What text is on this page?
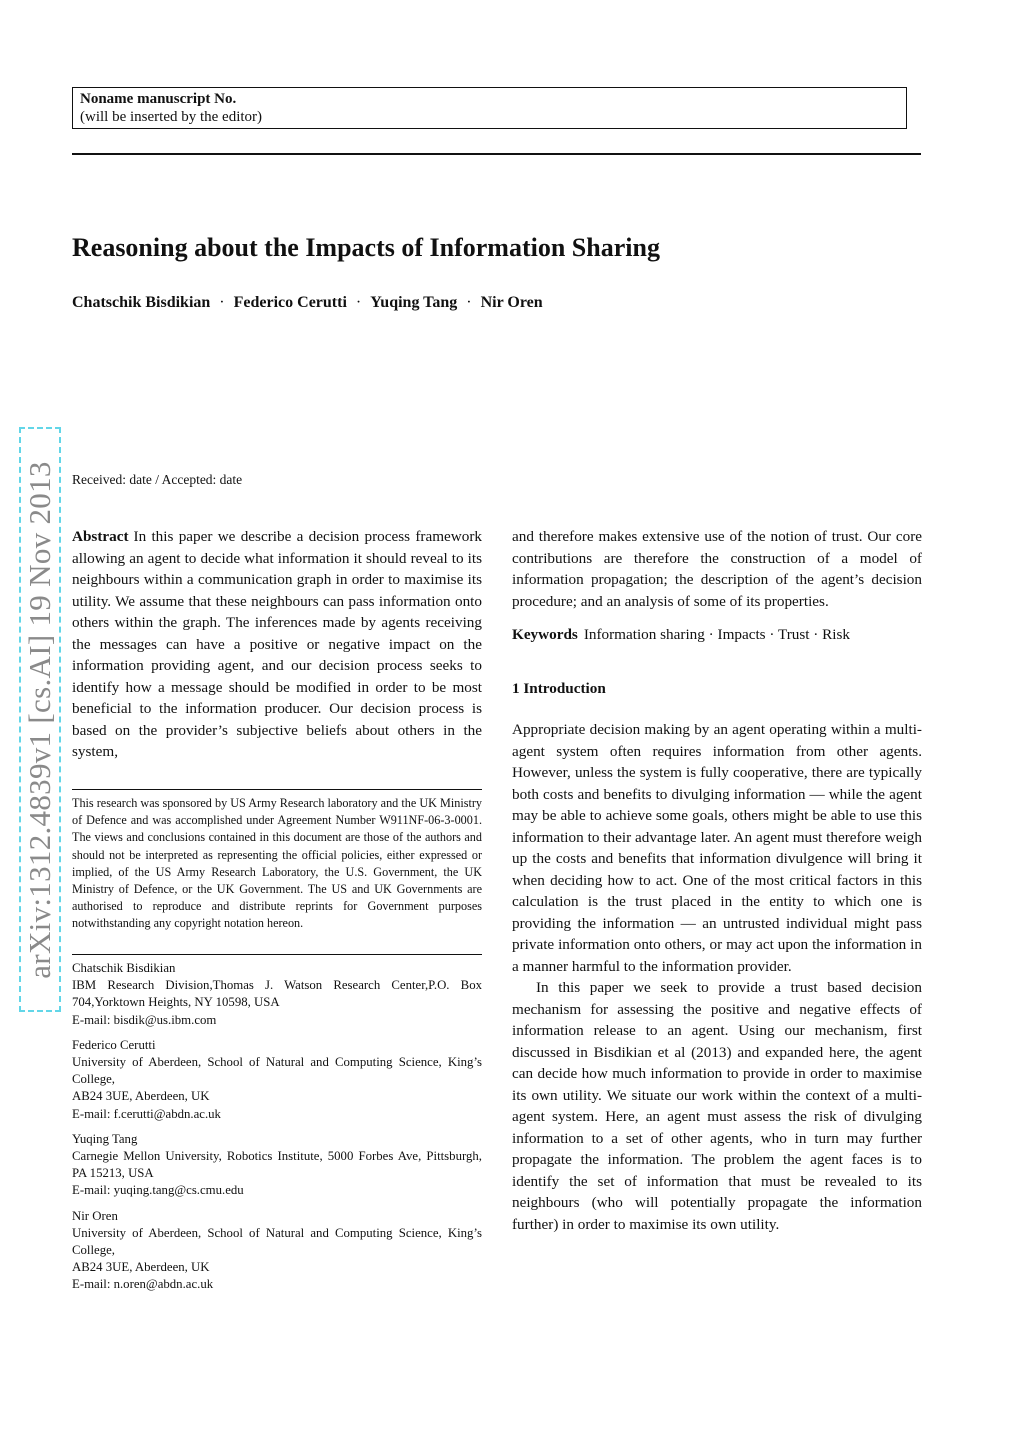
Noname manuscript No.
(will be inserted by the editor)
Reasoning about the Impacts of Information Sharing
Chatschik Bisdikian · Federico Cerutti · Yuqing Tang · Nir Oren
arXiv:1312.4839v1 [cs.AI] 19 Nov 2013 Received: date / Accepted: date

Abstract In this paper we describe a decision process framework allowing an agent to decide what information it should reveal to its neighbours within a communication graph in order to maximise its utility. We assume that these neighbours can pass information onto others within the graph. The inferences made by agents receiving the messages can have a positive or negative impact on the information providing agent, and our decision process seeks to identify how a message should be modified in order to be most beneficial to the information producer. Our decision process is based on the provider’s subjective beliefs about others in the system,

This research was sponsored by US Army Research laboratory and the UK Ministry of Defence and was accomplished under Agreement Number W911NF-06-3-0001. The views and conclusions contained in this document are those of the authors and should not be interpreted as representing the official policies, either expressed or implied, of the US Army Research Laboratory, the U.S. Government, the UK Ministry of Defence, or the UK Government. The US and UK Governments are authorised to reproduce and distribute reprints for Government purposes notwithstanding any copyright notation hereon.

Chatschik Bisdikian
IBM Research Division,Thomas J. Watson Research Center,P.O. Box 704,Yorktown Heights, NY 10598, USA
E-mail: bisdik@us.ibm.com
Federico Cerutti
University of Aberdeen, School of Natural and Computing Science, King’s College,
AB24 3UE, Aberdeen, UK
E-mail: f.cerutti@abdn.ac.uk
Yuqing Tang
Carnegie Mellon University, Robotics Institute, 5000 Forbes Ave, Pittsburgh, PA 15213, USA
E-mail: yuqing.tang@cs.cmu.edu
Nir Oren
University of Aberdeen, School of Natural and Computing Science, King’s College,
AB24 3UE, Aberdeen, UK
E-mail: n.oren@abdn.ac.uk

and therefore makes extensive use of the notion of trust. Our core contributions are therefore the construction of a model of information propagation; the description of the agent’s decision procedure; and an analysis of some of its properties.

Keywords Information sharing · Impacts · Trust · Risk
1 Introduction

Appropriate decision making by an agent operating within a multi-agent system often requires information from other agents. However, unless the system is fully cooperative, there are typically both costs and benefits to divulging information — while the agent may be able to achieve some goals, others might be able to use this information to their advantage later. An agent must therefore weigh up the costs and benefits that information divulgence will bring it when deciding how to act. One of the most critical factors in this calculation is the trust placed in the entity to which one is providing the information — an untrusted individual might pass private information onto others, or may act upon the information in a manner harmful to the information provider.

In this paper we seek to provide a trust based decision mechanism for assessing the positive and negative effects of information release to an agent. Using our mechanism, first discussed in Bisdikian et al (2013) and expanded here, the agent can decide how much information to provide in order to maximise its own utility. We situate our work within the context of a multi-agent system. Here, an agent must assess the risk of divulging information to a set of other agents, who in turn may further propagate the information. The problem the agent faces is to identify the set of information that must be revealed to its neighbours (who will potentially propagate the information further) in order to maximise its own utility.
